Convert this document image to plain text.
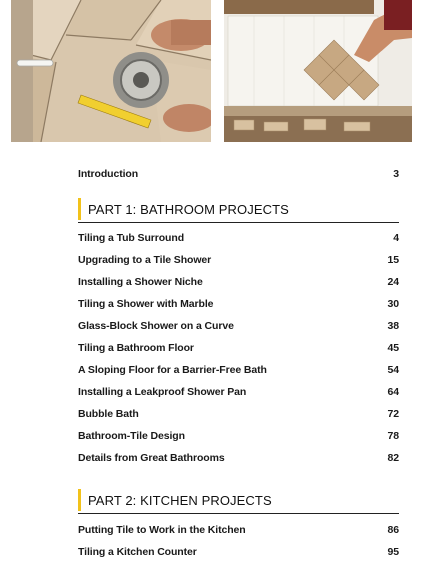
Introduction	3
PART 1: BATHROOM PROJECTS
Tiling a Tub Surround	4
Upgrading to a Tile Shower	15
Installing a Shower Niche	24
Tiling a Shower with Marble	30
Glass-Block Shower on a Curve	38
Tiling a Bathroom Floor	45
A Sloping Floor for a Barrier-Free Bath	54
Installing a Leakproof Shower Pan	64
Bubble Bath	72
Bathroom-Tile Design	78
Details from Great Bathrooms	82
PART 2: KITCHEN PROJECTS
Putting Tile to Work in the Kitchen	86
Tiling a Kitchen Counter	95
